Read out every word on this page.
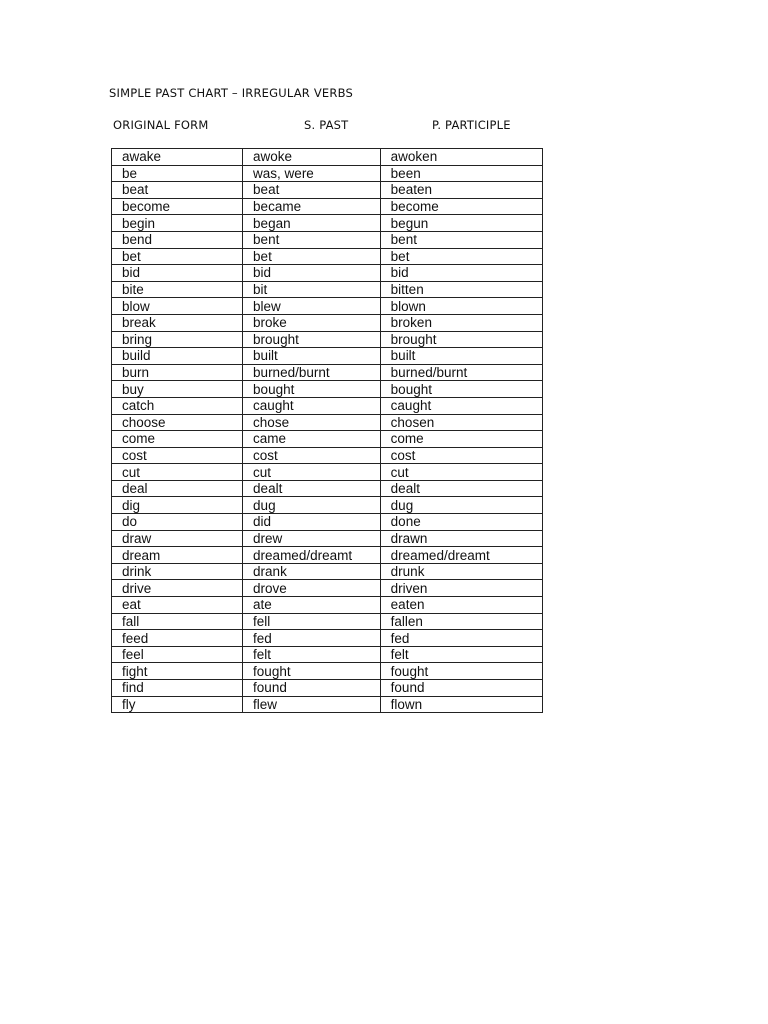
SIMPLE PAST CHART – IRREGULAR VERBS
ORIGINAL FORM	S. PAST	P. PARTICIPLE
awake	awoke	awoken
be	was, were	been
beat	beat	beaten
become	became	become
begin	began	begun
bend	bent	bent
bet	bet	bet
bid	bid	bid
bite	bit	bitten
blow	blew	blown
break	broke	broken
bring	brought	brought
build	built	built
burn	burned/burnt	burned/burnt
buy	bought	bought
catch	caught	caught
choose	chose	chosen
come	came	come
cost	cost	cost
cut	cut	cut
deal	dealt	dealt
dig	dug	dug
do	did	done
draw	drew	drawn
dream	dreamed/dreamt	dreamed/dreamt
drink	drank	drunk
drive	drove	driven
eat	ate	eaten
fall	fell	fallen
feed	fed	fed
feel	felt	felt
fight	fought	fought
find	found	found
fly	flew	flown
